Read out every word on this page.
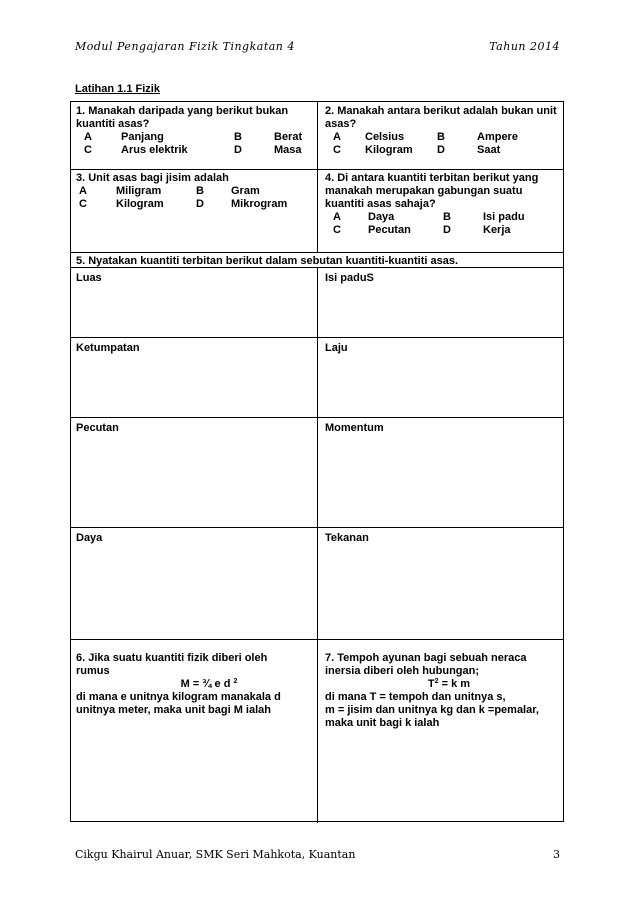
Modul Pengajaran Fizik Tingkatan 4	Tahun 2014
Latihan 1.1 Fizik
1. Manakah daripada yang berikut bukan kuantiti asas?
A	Panjang	B	Berat
C	Arus elektrik	D	Masa
2. Manakah antara berikut adalah bukan unit asas?
A Celsius	B	Ampere
C Kilogram D	Saat
3. Unit asas bagi jisim adalah
A	Miligram	B Gram
C	Kilogram	D Mikrogram
4. Di antara kuantiti terbitan berikut yang manakah merupakan gabungan suatu kuantiti asas sahaja?
A Daya	B	Isi padu
C Pecutan	D	Kerja
5. Nyatakan kuantiti terbitan berikut dalam sebutan kuantiti-kuantiti asas.
Luas	Isi paduS
Ketumpatan	Laju
Pecutan	Momentum
Daya	Tekanan
6. Jika suatu kuantiti fizik diberi oleh
rumus
M = ¾ e d $^2$
di mana e unitnya kilogram manakala d
unitnya meter, maka unit bagi M ialah
7. Tempoh ayunan bagi sebuah neraca
inersia diberi oleh hubungan;
$T^2 = k$ m
di mana T = tempoh dan unitnya s,
m = jisim dan unitnya kg dan k =pemalar,
maka unit bagi k ialah
Cikgu Khairul Anuar, SMK Seri Mahkota, Kuantan	3
